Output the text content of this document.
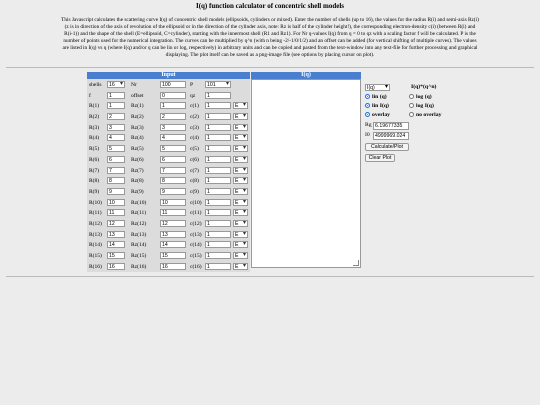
I(q) function calculator of concentric shell models

This Javascript calculates the scattering curve I(q) of concentric shell models (ellipsoids, cylinders or mixed). Enter the number of shells (up to 16), the values for the radius R(i) and semi-axis Rz(i)

(z is in direction of the axis of revolution of the ellipsoid or in the direction of the cylinder axis, note: Rz is half of the cylinder height!), the corresponding electron-density c(i) (between R(i) and

R(i-1)) and the shape of the shell (E=ellipsoid, C=cylinder), starting with the innermost shell (R1 and Rz1). For Nr q-values I(q) from q = 0 to qz with a scaling factor f will be calculated. P is the

number of points used for the numerical integration. The curves can be multiplied by q^n (with n being -2/-1/0/1/2) and an offset can be added (for vertical shifting of multiple curves). The values

are listed in I(q) vs q (where I(q) and/or q can be lin or log, respectively) in arbitrary units and can be copied and pasted from the text-window into any text-file for further processing and graphical

displaying. The plot itself can be saved as a png-image file (see options by placing cursor on plot).

Input
shells	16 ▾	Nr	100	P	101 ▾
f	1	offset	0	qz	1
R(1)	1	Rz(1)	1	c(1)	1	E ▾
R(2)	2	Rz(2)	2	c(2)	1	E ▾
R(3)	3	Rz(3)	3	c(3)	1	E ▾
R(4)	4	Rz(4)	4	c(4)	1	E ▾
R(5)	5	Rz(5)	5	c(5)	1	E ▾
R(6)	6	Rz(6)	6	c(6)	1	E ▾
R(7)	7	Rz(7)	7	c(7)	1	E ▾
R(8)	8	Rz(8)	8	c(8)	1	E ▾
R(9)	9	Rz(9)	9	c(9)	1	E ▾
R(10)	10	Rz(10)	10	c(10)	1	E ▾
R(11)	11	Rz(11)	11	c(11)	1	E ▾
R(12)	12	Rz(12)	12	c(12)	1	E ▾
R(13)	13	Rz(13)	13	c(13)	1	E ▾
R(14)	14	Rz(14)	14	c(14)	1	E ▾
R(15)	15	Rz(15)	15	c(15)	1	E ▾
R(16)	16	Rz(16)	16	c(16)	1	E ▾
I(q)
I(q) ▾	I(q)*(q^n)
lin (q)	log (q)
lin I(q)	log I(q)
overlay	no overlay
Rg 6.19677335
I0	4999969.024
Calculate/Plot
Clear Plot
